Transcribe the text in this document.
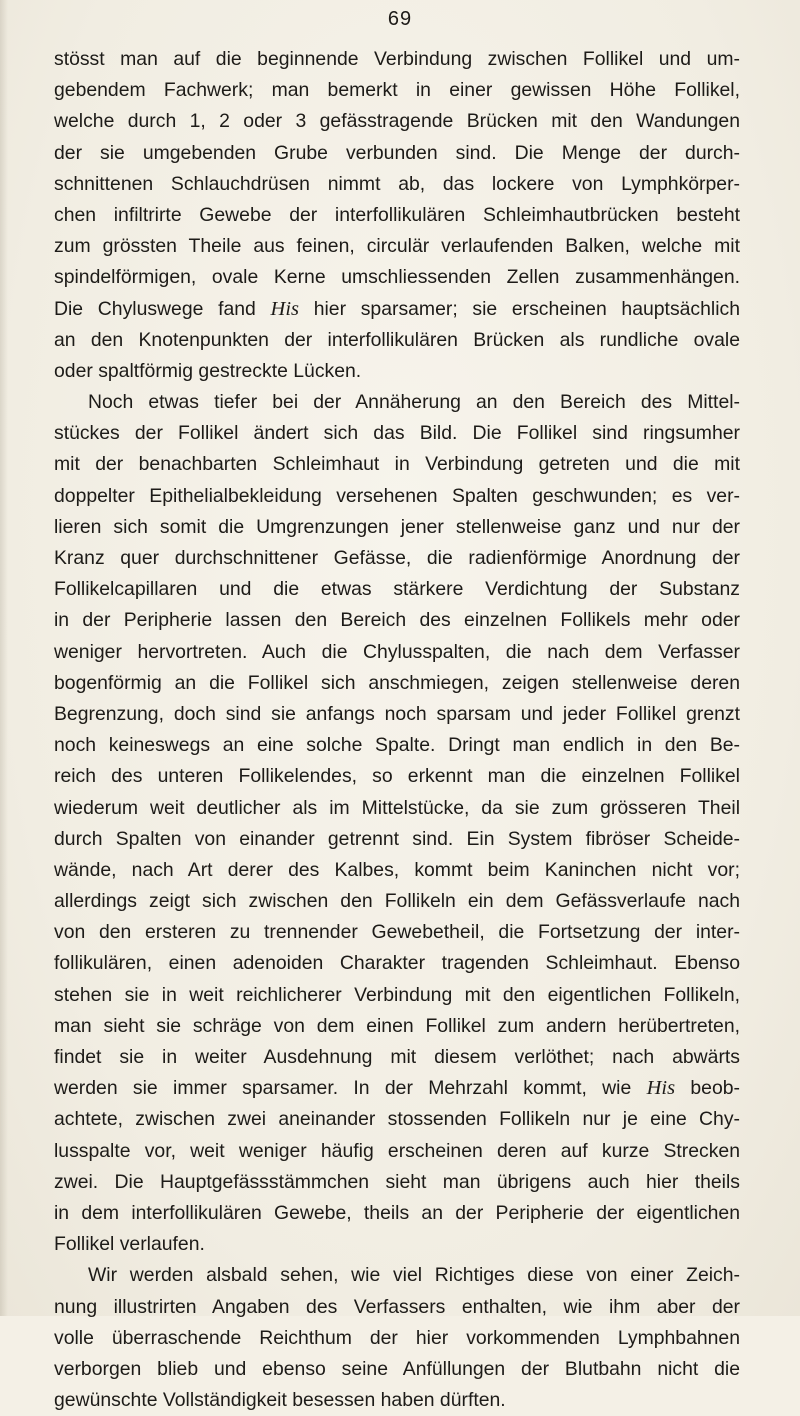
69
stösst man auf die beginnende Verbindung zwischen Follikel und um-
gebendem Fachwerk; man bemerkt in einer gewissen Höhe Follikel,
welche durch 1, 2 oder 3 gefässtragende Brücken mit den Wandungen
der sie umgebenden Grube verbunden sind. Die Menge der durch-
schnittenen Schlauchdrüsen nimmt ab, das lockere von Lymphkörper-
chen infiltrirte Gewebe der interfollikulären Schleimhautbrücken besteht
zum grössten Theile aus feinen, circulär verlaufenden Balken, welche mit
spindelförmigen, ovale Kerne umschliessenden Zellen zusammenhängen.
Die Chyluswege fand His hier sparsamer; sie erscheinen hauptsächlich
an den Knotenpunkten der interfollikulären Brücken als rundliche ovale
oder spaltförmig gestreckte Lücken.
Noch etwas tiefer bei der Annäherung an den Bereich des Mittel-
stückes der Follikel ändert sich das Bild. Die Follikel sind ringsumher
mit der benachbarten Schleimhaut in Verbindung getreten und die mit
doppelter Epithelialbekleidung versehenen Spalten geschwunden; es ver-
lieren sich somit die Umgrenzungen jener stellenweise ganz und nur der
Kranz quer durchschnittener Gefässe, die radienförmige Anordnung der
Follikelcapillaren und die etwas stärkere Verdichtung der Substanz
in der Peripherie lassen den Bereich des einzelnen Follikels mehr oder
weniger hervortreten. Auch die Chylusspalten, die nach dem Verfasser
bogenförmig an die Follikel sich anschmiegen, zeigen stellenweise deren
Begrenzung, doch sind sie anfangs noch sparsam und jeder Follikel grenzt
noch keineswegs an eine solche Spalte. Dringt man endlich in den Be-
reich des unteren Follikelendes, so erkennt man die einzelnen Follikel
wiederum weit deutlicher als im Mittelstücke, da sie zum grösseren Theil
durch Spalten von einander getrennt sind. Ein System fibröser Scheide-
wände, nach Art derer des Kalbes, kommt beim Kaninchen nicht vor;
allerdings zeigt sich zwischen den Follikeln ein dem Gefässverlaufe nach
von den ersteren zu trennender Gewebetheil, die Fortsetzung der inter-
follikulären, einen adenoiden Charakter tragenden Schleimhaut. Ebenso
stehen sie in weit reichlicherer Verbindung mit den eigentlichen Follikeln,
man sieht sie schräge von dem einen Follikel zum andern herübertreten,
findet sie in weiter Ausdehnung mit diesem verlöthet; nach abwärts
werden sie immer sparsamer. In der Mehrzahl kommt, wie His beob-
achtete, zwischen zwei aneinander stossenden Follikeln nur je eine Chy-
lusspalte vor, weit weniger häufig erscheinen deren auf kurze Strecken
zwei. Die Hauptgefässstämmchen sieht man übrigens auch hier theils
in dem interfollikulären Gewebe, theils an der Peripherie der eigentlichen
Follikel verlaufen.
Wir werden alsbald sehen, wie viel Richtiges diese von einer Zeich-
nung illustrirten Angaben des Verfassers enthalten, wie ihm aber der
volle überraschende Reichthum der hier vorkommenden Lymphbahnen
verborgen blieb und ebenso seine Anfüllungen der Blutbahn nicht die
gewünschte Vollständigkeit besessen haben dürften.
